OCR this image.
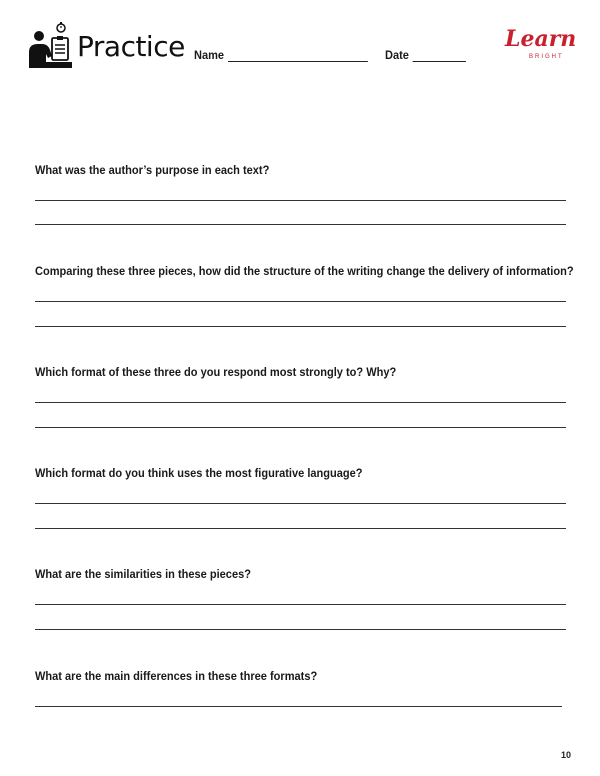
Practice Name	Date
Learn
BRIGHT
What was the author’s purpose in each text?
Comparing these three pieces, how did the structure of the writing change the delivery of information?
Which format of these three do you respond most strongly to? Why?
Which format do you think uses the most figurative language?
What are the similarities in these pieces?
What are the main differences in these three formats?
10
